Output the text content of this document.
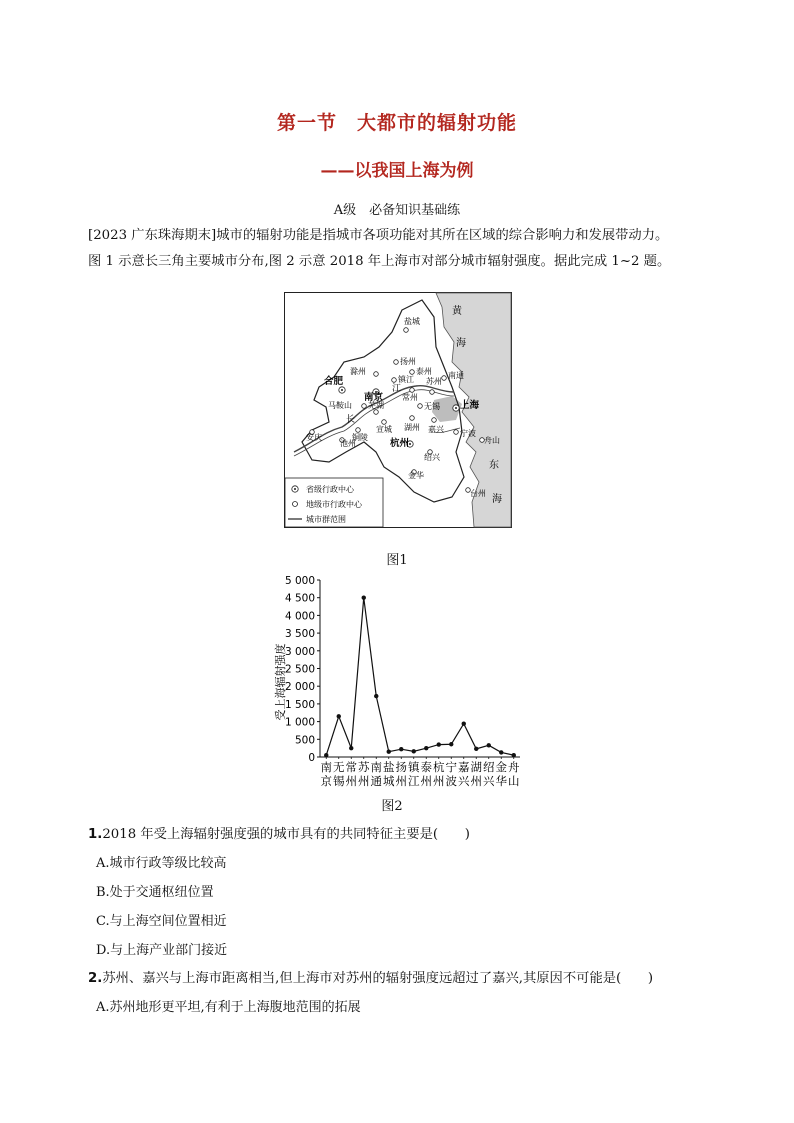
第一节　大都市的辐射功能
——以我国上海为例
A级　必备知识基础练

[2023 广东珠海期末]城市的辐射功能是指城市各项功能对其所在区域的综合影响力和发展带动力。

图 1 示意长三角主要城市分布,图 2 示意 2018 年上海市对部分城市辐射强度。据此完成 1~2 题。

黄
海
东
海
江
长
盐城
扬州
泰州
滁州
镇江	南通
合肥
南京 常州
苏州
马鞍山 芜湖	无锡 上海
安庆	铜陵
宣城 湖州 嘉兴
池州	杭州
宁波
绍兴
舟山
金华
台州
省级行政中心
地级市行政中心
城市群范围
图1
受上海辐射强度
0
500
1 000
1 500
2 000
2 500
3 000
3 500
4 000
4 500
5 000
南
京
无
锡
常
州
苏
州
南
通
盐
城
扬
州
镇
江
泰
州
杭
州
宁
波
嘉
兴
湖
州
绍
兴
金
华
舟
山
图2
1.2018 年受上海辐射强度强的城市具有的共同特征主要是(　　)
A.城市行政等级比较高
B.处于交通枢纽位置
C.与上海空间位置相近
D.与上海产业部门接近
2.苏州、嘉兴与上海市距离相当,但上海市对苏州的辐射强度远超过了嘉兴,其原因不可能是(　　)
A.苏州地形更平坦,有利于上海腹地范围的拓展
